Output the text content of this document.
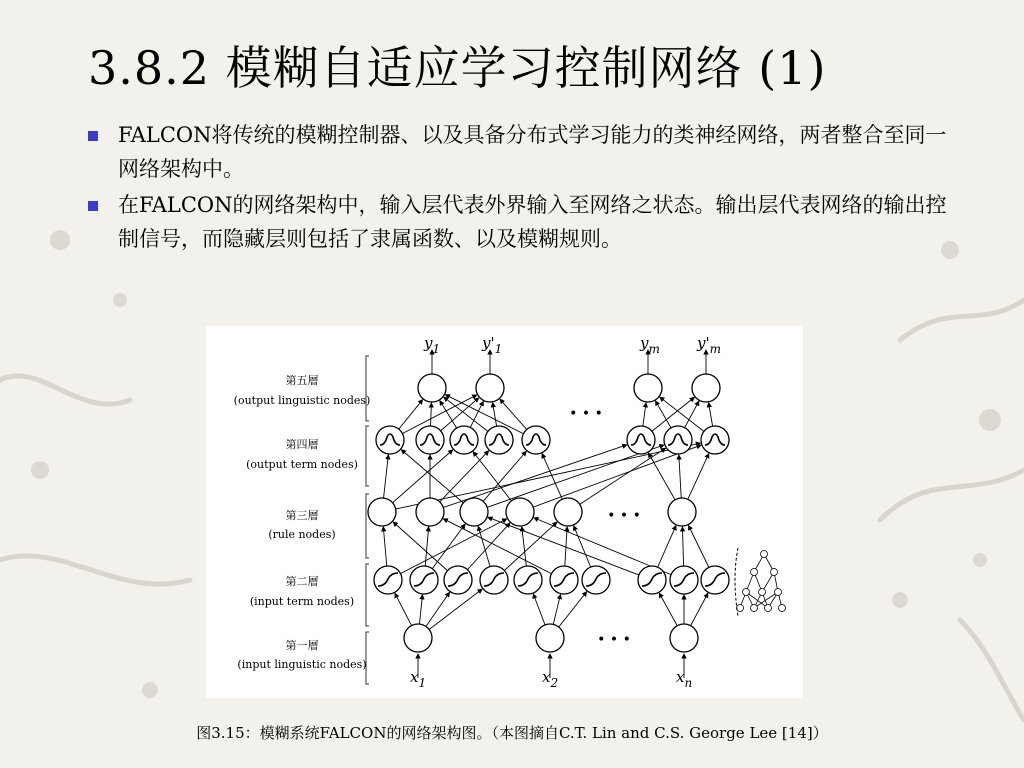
3.8.2 模糊自适应学习控制网络 (1)
FALCON将传统的模糊控制器、以及具备分布式学习能力的类神经网络，两者整合至同一网络架构中。
在FALCON的网络架构中，输入层代表外界输入至网络之状态。输出层代表网络的输出控制信号，而隐藏层则包括了隶属函数、以及模糊规则。
第五層
(output linguistic nodes)
第四層
(output term nodes)
第三層
(rule nodes)
第二層
(input term nodes)
第一層
(input linguistic nodes)
$y_1$	$y'_1$	$y_m$ $y'_m$
$x_1$	$x_2$	$x_n$
• • •
• • •
• • •
图3.15：模糊系统FALCON的网络架构图。（本图摘自C.T. Lin and C.S. George Lee [14]）
